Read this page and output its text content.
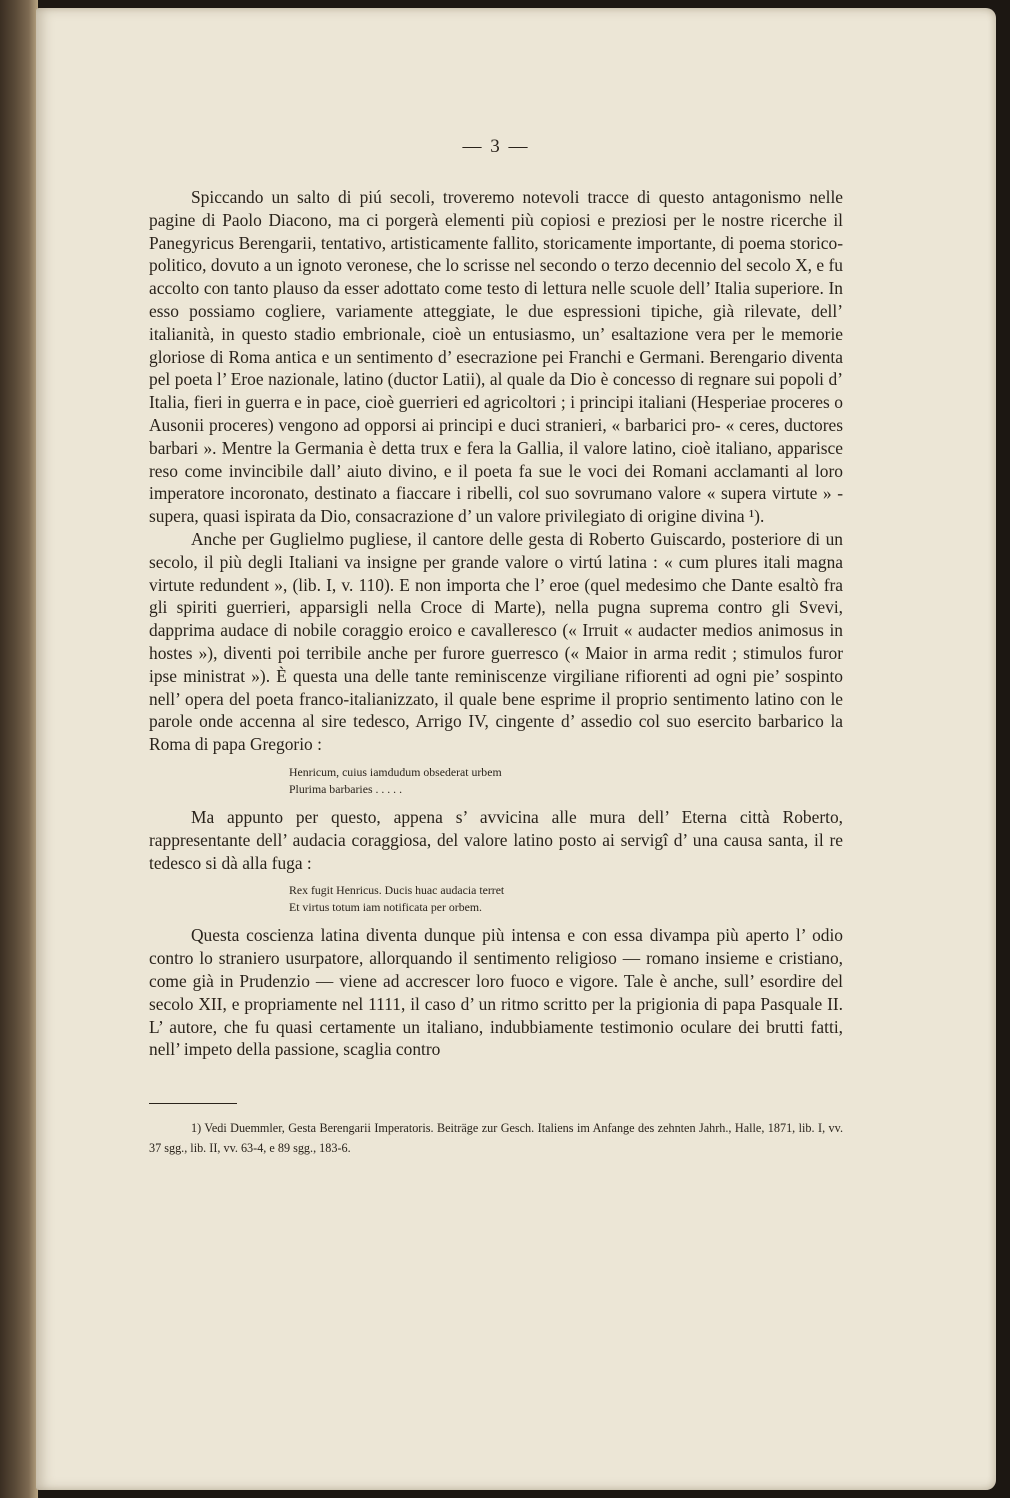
— 3 —

Spiccando un salto di piú secoli, troveremo notevoli tracce di questo antagonismo nelle pagine di Paolo Diacono, ma ci porgerà elementi più copiosi e preziosi per le nostre ricerche il Panegyricus Berengarii, tentativo, artisticamente fallito, storicamente importante, di poema storico-politico, dovuto a un ignoto veronese, che lo scrisse nel secondo o terzo decennio del secolo X, e fu accolto con tanto plauso da esser adottato come testo di lettura nelle scuole dell’ Italia superiore. In esso possiamo cogliere, variamente atteggiate, le due espressioni tipiche, già rilevate, dell’ italianità, in questo stadio embrionale, cioè un entusiasmo, un’ esaltazione vera per le memorie gloriose di Roma antica e un sentimento d’ esecrazione pei Franchi e Germani. Berengario diventa pel poeta l’ Eroe nazionale, latino (ductor Latii), al quale da Dio è concesso di regnare sui popoli d’ Italia, fieri in guerra e in pace, cioè guerrieri ed agricoltori ; i principi italiani (Hesperiae proceres o Ausonii proceres) vengono ad opporsi ai principi e duci stranieri, « barbarici pro- « ceres, ductores barbari ». Mentre la Germania è detta trux e fera la Gallia, il valore latino, cioè italiano, apparisce reso come invincibile dall’ aiuto divino, e il poeta fa sue le voci dei Romani acclamanti al loro imperatore incoronato, destinato a fiaccare i ribelli, col suo sovrumano valore « supera virtute » - supera, quasi ispirata da Dio, consacrazione d’ un valore privilegiato di origine divina ¹).

Anche per Guglielmo pugliese, il cantore delle gesta di Roberto Guiscardo, posteriore di un secolo, il più degli Italiani va insigne per grande valore o virtú latina : « cum plures itali magna virtute redundent », (lib. I, v. 110). E non importa che l’ eroe (quel medesimo che Dante esaltò fra gli spiriti guerrieri, apparsigli nella Croce di Marte), nella pugna suprema contro gli Svevi, dapprima audace di nobile coraggio eroico e cavalleresco (« Irruit « audacter medios animosus in hostes »), diventi poi terribile anche per furore guerresco (« Maior in arma redit ; stimulos furor ipse ministrat »). È questa una delle tante reminiscenze virgiliane rifiorenti ad ogni pie’ sospinto nell’ opera del poeta franco-italianizzato, il quale bene esprime il proprio sentimento latino con le parole onde accenna al sire tedesco, Arrigo IV, cingente d’ assedio col suo esercito barbarico la Roma di papa Gregorio :

Henricum, cuius iamdudum obsederat urbem
Plurima barbaries . . . . .

Ma appunto per questo, appena s’ avvicina alle mura dell’ Eterna città Roberto, rappresentante dell’ audacia coraggiosa, del valore latino posto ai servigî d’ una causa santa, il re tedesco si dà alla fuga :

Rex fugit Henricus. Ducis huac audacia terret
Et virtus totum iam notificata per orbem.

Questa coscienza latina diventa dunque più intensa e con essa divampa più aperto l’ odio contro lo straniero usurpatore, allorquando il sentimento religioso — romano insieme e cristiano, come già in Prudenzio — viene ad accrescer loro fuoco e vigore. Tale è anche, sull’ esordire del secolo XII, e propriamente nel 1111, il caso d’ un ritmo scritto per la prigionia di papa Pasquale II. L’ autore, che fu quasi certamente un italiano, indubbiamente testimonio oculare dei brutti fatti, nell’ impeto della passione, scaglia contro

1) Vedi Duemmler, Gesta Berengarii Imperatoris. Beiträge zur Gesch. Italiens im Anfange des zehnten Jahrh., Halle, 1871, lib. I, vv. 37 sgg., lib. II, vv. 63-4, e 89 sgg., 183-6.
